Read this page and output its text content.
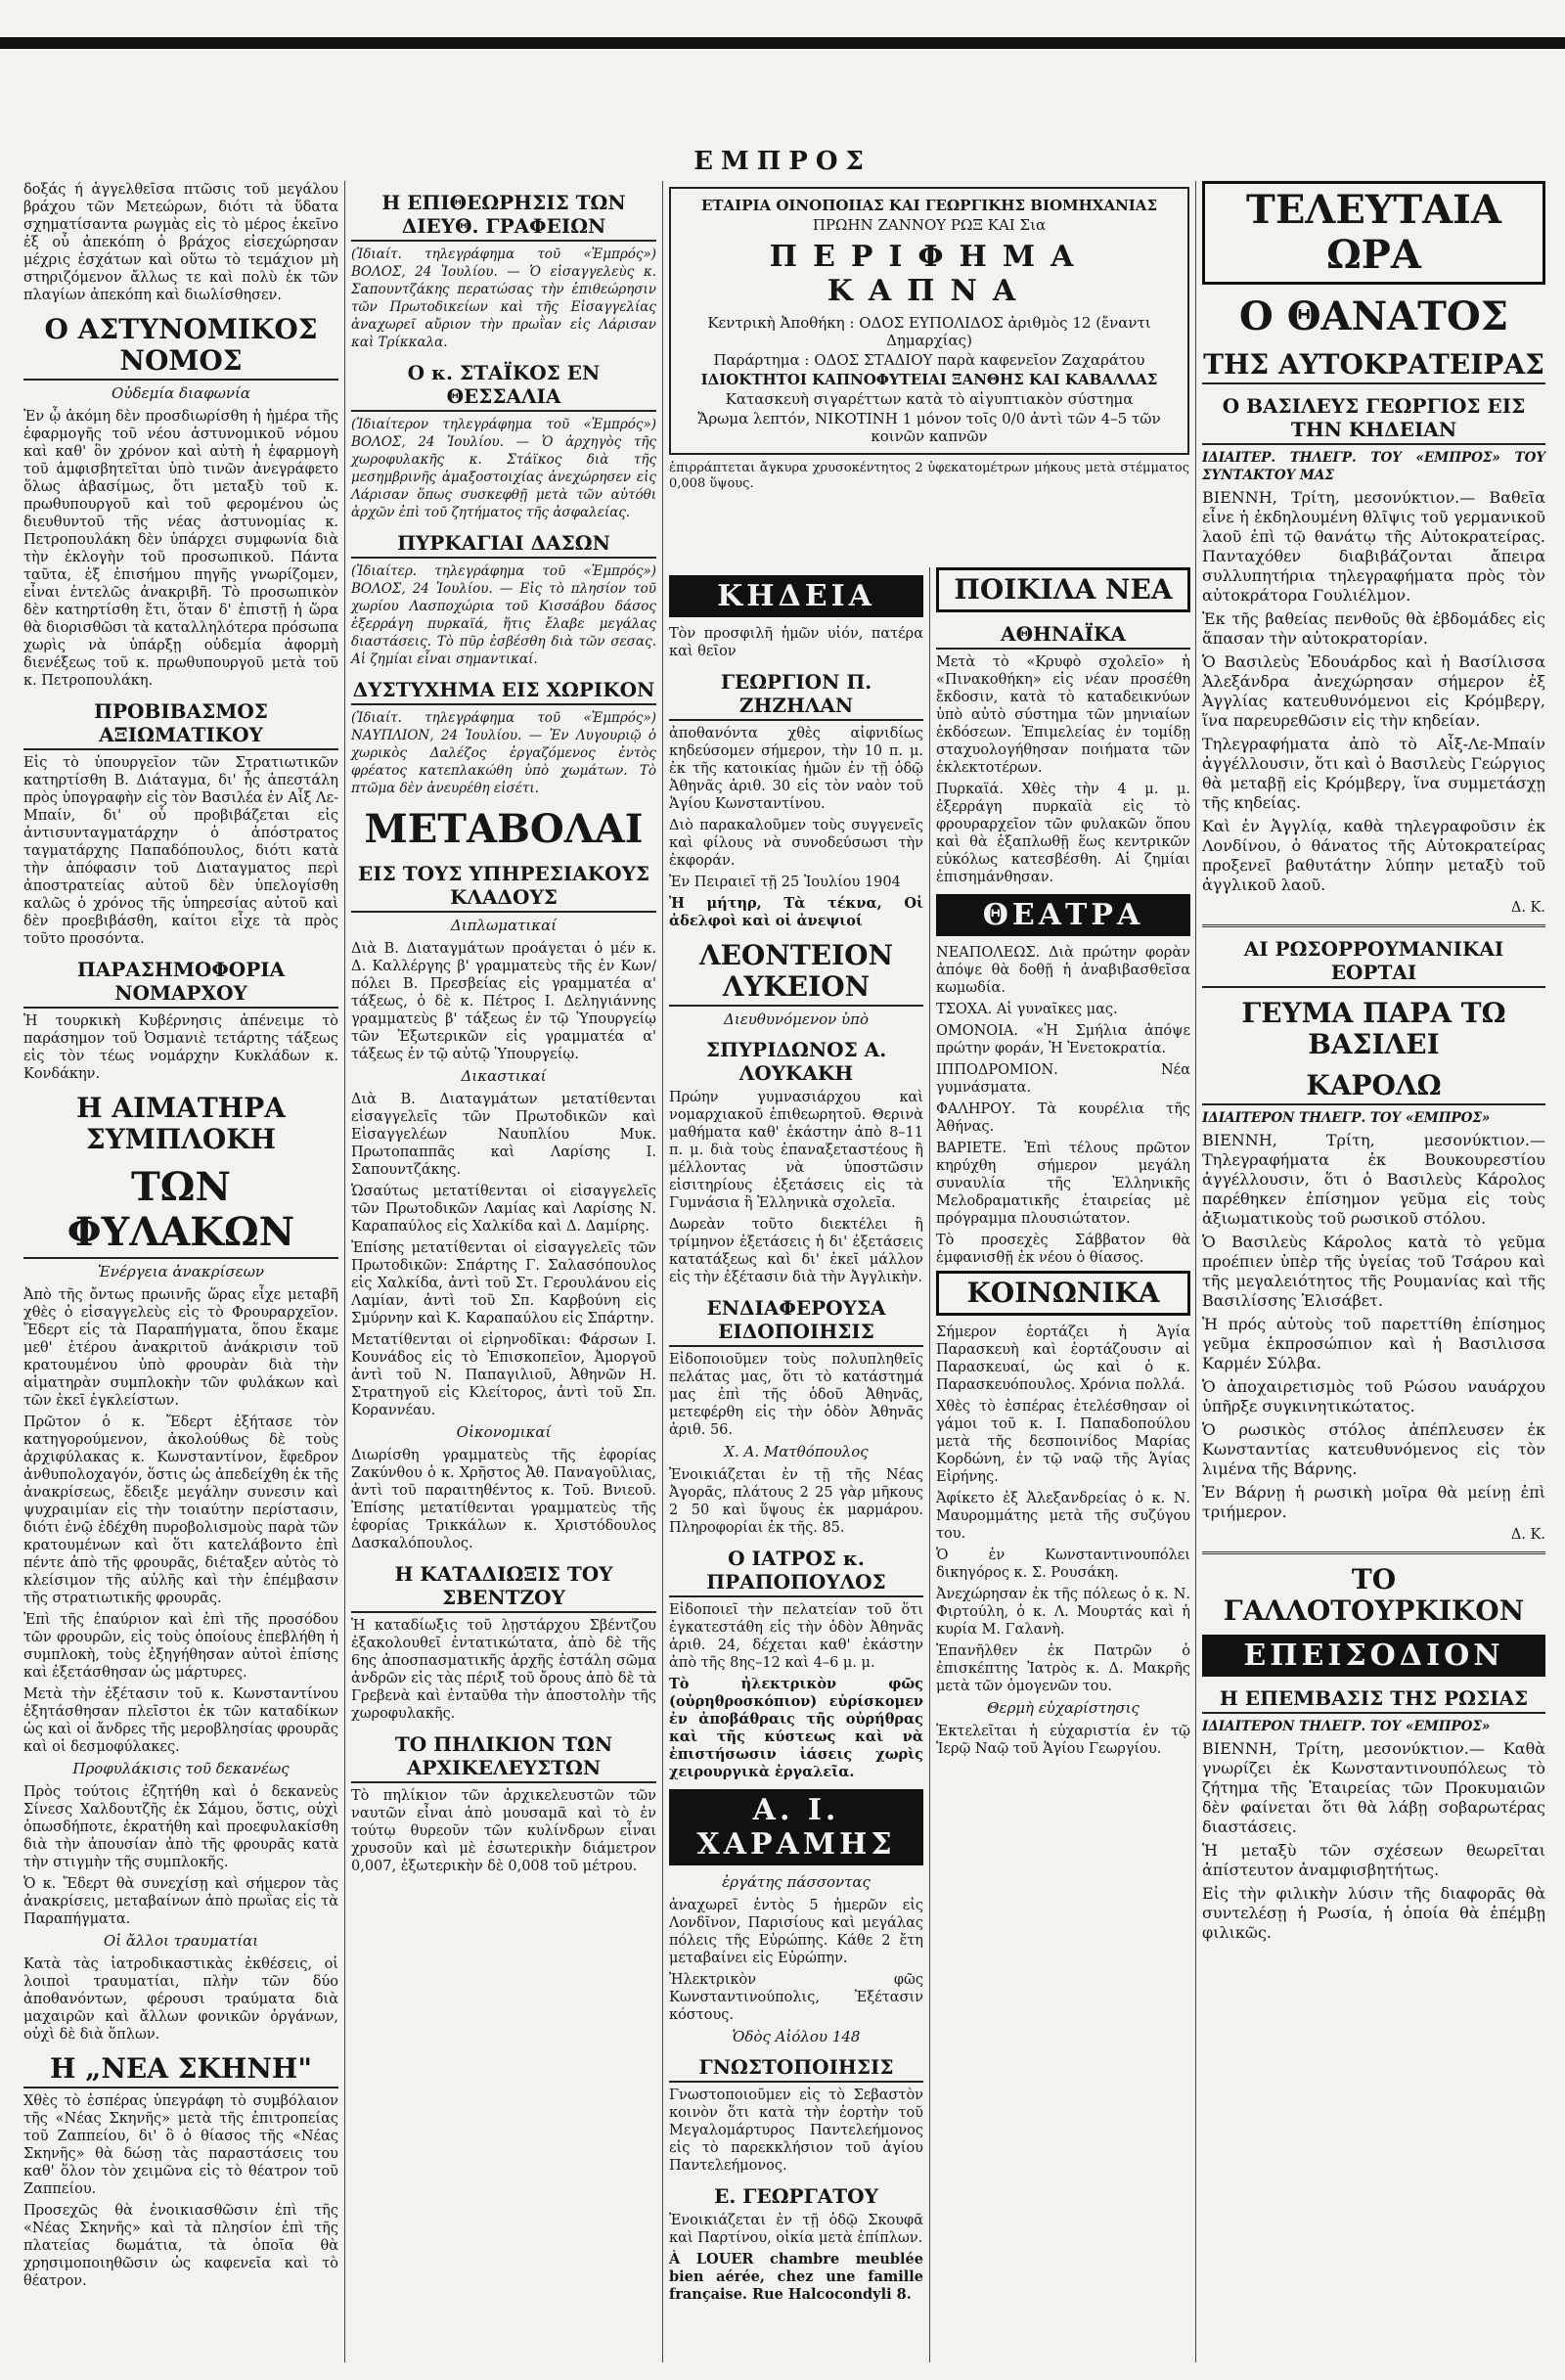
ΕΜΠΡΟΣ

δοξάς ή ἀγγελθεῖσα πτῶσις τοῦ μεγάλου βράχου τῶν Μετεώρων, διότι τὰ ὕδατα σχηματίσαντα ρωγμὰς εἰς τὸ μέρος ἐκεῖνο ἐξ οὗ ἀπεκόπη ὁ βράχος εἰσεχώρησαν μέχρις ἐσχάτων καὶ οὕτω τὸ τεμάχιον μὴ στηριζόμενον ἄλλως τε καὶ πολὺ ἐκ τῶν πλαγίων ἀπεκόπη καὶ διωλίσθησεν.

Ο ΑΣΤΥΝΟΜΙΚΟΣ ΝΟΜΟΣ
Οὐδεμία διαφωνία

Ἐν ᾧ ἀκόμη δὲν προσδιωρίσθη ἡ ἡμέρα τῆς ἐφαρμογῆς τοῦ νέου ἀστυνομικοῦ νόμου καὶ καθ' ὃν χρόνον καὶ αὐτὴ ἡ ἐφαρμογὴ τοῦ ἀμφισβητεῖται ὑπὸ τινῶν ἀνεγράφετο ὅλως ἀβασίμως, ὅτι μεταξὺ τοῦ κ. πρωθυπουργοῦ καὶ τοῦ φερομένου ὡς διευθυντοῦ τῆς νέας ἀστυνομίας κ. Πετροπουλάκη δὲν ὑπάρχει συμφωνία διὰ τὴν ἐκλογὴν τοῦ προσωπικοῦ. Πάντα ταῦτα, ἐξ ἐπισήμου πηγῆς γνωρίζομεν, εἶναι ἐντελῶς ἀνακριβῆ. Τὸ προσωπικὸν δὲν κατηρτίσθη ἔτι, ὅταν δ' ἐπιστῇ ἡ ὥρα θὰ διορισθῶσι τὰ καταλληλότερα πρόσωπα χωρὶς νὰ ὑπάρξῃ οὐδεμία ἀφορμὴ διενέξεως τοῦ κ. πρωθυπουργοῦ μετὰ τοῦ κ. Πετροπουλάκη.

ΠΡΟΒΙΒΑΣΜΟΣ ΑΞΙΩΜΑΤΙΚΟΥ

Εἰς τὸ ὑπουργεῖον τῶν Στρατιωτικῶν κατηρτίσθη Β. Διάταγμα, δι' ἧς ἀπεστάλη πρὸς ὑπογραφὴν εἰς τὸν Βασιλέα ἐν Αἶξ Λε-Μπαίν, δι' οὗ προβιβάζεται εἰς ἀντισυνταγματάρχην ὁ ἀπόστρατος ταγματάρχης Παπαδόπουλος, διότι κατὰ τὴν ἀπόφασιν τοῦ Διαταγματος περὶ ἀποστρατείας αὐτοῦ δὲν ὑπελογίσθη καλῶς ὁ χρόνος τῆς ὑπηρεσίας αὐτοῦ καὶ δὲν προεβιβάσθη, καίτοι εἶχε τὰ πρὸς τοῦτο προσόντα.

ΠΑΡΑΣΗΜΟΦΟΡΙΑ ΝΟΜΑΡΧΟΥ

Ἡ τουρκικὴ Κυβέρνησις ἀπένειμε τὸ παράσημον τοῦ Ὀσμανιὲ τετάρτης τάξεως εἰς τὸν τέως νομάρχην Κυκλάδων κ. Κονδάκην.

Η ΑΙΜΑΤΗΡΑ ΣΥΜΠΛΟΚΗ
ΤΩΝ ΦΥΛΑΚΩΝ
Ἐνέργεια ἀνακρίσεων

Ἀπὸ τῆς ὄντως πρωινῆς ὥρας εἶχε μεταβῆ χθὲς ὁ εἰσαγγελεὺς εἰς τὸ Φρουραρχεῖον. Ἔδερτ εἰς τὰ Παραπήγματα, ὅπου ἔκαμε μεθ' ἑτέρου ἀνακριτοῦ ἀνάκρισιν τοῦ κρατουμένου ὑπὸ φρουρὰν διὰ τὴν αἱματηρὰν συμπλοκὴν τῶν φυλάκων καὶ τῶν ἐκεῖ ἐγκλείστων.

Πρῶτον ὁ κ. Ἔδερτ ἐξήτασε τὸν κατηγορούμενον, ἀκολούθως δὲ τοὺς ἀρχιφύλακας κ. Κωνσταντίνον, ἔφεδρον ἀνθυπολοχαγόν, ὅστις ὡς ἀπεδείχθη ἐκ τῆς ἀνακρίσεως, ἔδειξε μεγάλην συνεσιν καὶ ψυχραιμίαν εἰς τὴν τοιαύτην περίστασιν, διότι ἐνῷ ἐδέχθη πυροβολισμοὺς παρὰ τῶν κρατουμένων καὶ ὅτι κατελάβοντο ἐπὶ πέντε ἀπὸ τῆς φρουρᾶς, διέταξεν αὐτὸς τὸ κλείσιμον τῆς αὐλῆς καὶ τὴν ἐπέμβασιν τῆς στρατιωτικῆς φρουρᾶς.

Ἐπὶ τῆς ἐπαύριον καὶ ἐπὶ τῆς προσόδου τῶν φρουρῶν, εἰς τοὺς ὁποίους ἐπεβλήθη ἡ συμπλοκὴ, τοὺς ἐξηγήθησαν αὐτοὶ ἐπίσης καὶ ἐξετάσθησαν ὡς μάρτυρες.

Μετὰ τὴν ἐξέτασιν τοῦ κ. Κωνσταντίνου ἐξητάσθησαν πλεῖστοι ἐκ τῶν καταδίκων ὡς καὶ οἱ ἄνδρες τῆς μεροβλησίας φρουρᾶς καὶ οἱ δεσμοφύλακες.

Προφυλάκισις τοῦ δεκανέως

Πρὸς τούτοις ἐζητήθη καὶ ὁ δεκανεὺς Σίνεσς Χαλδουτζῆς ἐκ Σάμου, ὅστις, οὐχὶ ὁπωσδήποτε, ἐκρατήθη καὶ προεφυλακίσθη διὰ τὴν ἀπουσίαν ἀπὸ τῆς φρουρᾶς κατὰ τὴν στιγμὴν τῆς συμπλοκῆς.

Ὁ κ. Ἔδερτ θὰ συνεχίσῃ καὶ σήμερον τὰς ἀνακρίσεις, μεταβαίνων ἀπὸ πρωῒας εἰς τὰ Παραπήγματα.

Οἱ ἄλλοι τραυματίαι

Κατὰ τὰς ἰατροδικαστικὰς ἐκθέσεις, οἱ λοιποὶ τραυματίαι, πλὴν τῶν δύο ἀποθανόντων, φέρουσι τραύματα διὰ μαχαιρῶν καὶ ἄλλων φονικῶν ὀργάνων, οὐχὶ δὲ διὰ ὅπλων.

Η „ΝΕΑ ΣΚΗΝΗ"

Χθὲς τὸ ἑσπέρας ὑπεγράφη τὸ συμβόλαιον τῆς «Νέας Σκηνῆς» μετὰ τῆς ἐπιτροπείας τοῦ Ζαππείου, δι' ὃ ὁ θίασος τῆς «Νέας Σκηνῆς» θὰ δώσῃ τὰς παραστάσεις του καθ' ὅλον τὸν χειμῶνα εἰς τὸ θέατρον τοῦ Ζαππείου.

Προσεχῶς θὰ ἐνοικιασθῶσιν ἐπὶ τῆς «Νέας Σκηνῆς» καὶ τὰ πλησίον ἐπὶ τῆς πλατείας δωμάτια, τὰ ὁποῖα θὰ χρησιμοποιηθῶσιν ὡς καφενεῖα καὶ τὸ θέατρον.

Η ΕΠΙΘΕΩΡΗΣΙΣ ΤΩΝ ΔΙΕΥΘ. ΓΡΑΦΕΙΩΝ

(Ἰδιαίτ. τηλεγράφημα τοῦ «Ἐμπρός») ΒΟΛΟΣ, 24 Ἰουλίου. — Ὁ εἰσαγγελεὺς κ. Σαπουντζάκης περατώσας τὴν ἐπιθεώρησιν τῶν Πρωτοδικείων καὶ τῆς Εἰσαγγελίας ἀναχωρεῖ αὔριον τὴν πρωῒαν εἰς Λάρισαν καὶ Τρίκκαλα.

Ο κ. ΣΤΑΪΚΟΣ ΕΝ ΘΕΣΣΑΛΙΑ

(Ἰδιαίτερον τηλεγράφημα τοῦ «Ἐμπρός») ΒΟΛΟΣ, 24 Ἰουλίου. — Ὁ ἀρχηγὸς τῆς χωροφυλακῆς κ. Στάϊκος διὰ τῆς μεσημβρινῆς ἁμαξοστοιχίας ἀνεχώρησεν εἰς Λάρισαν ὅπως συσκεφθῇ μετὰ τῶν αὐτόθι ἀρχῶν ἐπὶ τοῦ ζητήματος τῆς ἀσφαλείας.

ΠΥΡΚΑΓΙΑΙ ΔΑΣΩΝ

(Ἰδιαίτερ. τηλεγράφημα τοῦ «Ἐμπρός») ΒΟΛΟΣ, 24 Ἰουλίου. — Εἰς τὸ πλησίον τοῦ χωρίου Λασποχώρια τοῦ Κισσάβου δάσος ἐξερράγη πυρκαϊά, ἥτις ἔλαβε μεγάλας διαστάσεις. Τὸ πῦρ ἐσβέσθη διὰ τῶν σεσας. Αἱ ζημίαι εἶναι σημαντικαί.

ΔΥΣΤΥΧΗΜΑ ΕΙΣ ΧΩΡΙΚΟΝ

(Ἰδιαίτ. τηλεγράφημα τοῦ «Ἐμπρός») ΝΑΥΠΛΙΟΝ, 24 Ἰουλίου. — Ἐν Λυγουριῷ ὁ χωρικὸς Δαλέζος ἐργαζόμενος ἐντὸς φρέατος κατεπλακώθη ὑπὸ χωμάτων. Τὸ πτῶμα δὲν ἀνευρέθη εἰσέτι.

ΜΕΤΑΒΟΛΑΙ
ΕΙΣ ΤΟΥΣ ΥΠΗΡΕΣΙΑΚΟΥΣ ΚΛΑΔΟΥΣ
Διπλωματικαί

Διὰ Β. Διαταγμάτων προάγεται ὁ μέν κ. Δ. Καλλέργης β' γραμματεὺς τῆς ἐν Κων/πόλει Β. Πρεσβείας εἰς γραμματέα α' τάξεως, ὁ δὲ κ. Πέτρος Ι. Δεληγιάννης γραμματεὺς β' τάξεως ἐν τῷ Ὑπουργείῳ τῶν Ἐξωτερικῶν εἰς γραμματέα α' τάξεως ἐν τῷ αὐτῷ Ὑπουργείῳ.

Δικαστικαί

Διὰ Β. Διαταγμάτων μετατίθενται εἰσαγγελεῖς τῶν Πρωτοδικῶν καὶ Εἰσαγγελέων Ναυπλίου Μυκ. Πρωτοπαππᾶς καὶ Λαρίσης Ι. Σαπουντζάκης.

Ὡσαύτως μετατίθενται οἱ εἰσαγγελεῖς τῶν Πρωτοδικῶν Λαμίας καὶ Λαρίσης Ν. Καραπαύλος εἰς Χαλκίδα καὶ Δ. Δαμίρης.

Ἐπίσης μετατίθενται οἱ εἰσαγγελεῖς τῶν Πρωτοδικῶν: Σπάρτης Γ. Σαλασόπουλος εἰς Χαλκίδα, ἀντὶ τοῦ Στ. Γερουλάνου εἰς Λαμίαν, ἀντὶ τοῦ Σπ. Καρβούνη εἰς Σμύρνην καὶ Κ. Καραπαύλου εἰς Σπάρτην.

Μετατίθενται οἱ εἰρηνοδῖκαι: Φάρσων Ι. Κουνάδος εἰς τὸ Ἐπισκοπεῖον, Ἀμοργοῦ ἀντὶ τοῦ Ν. Παπαγιλιοῦ, Ἀθηνῶν Η. Στρατηγοῦ εἰς Κλείτορος, ἀντὶ τοῦ Σπ. Κοραννέαυ.

Οἰκονομικαί

Διωρίσθη γραμματεὺς τῆς ἐφορίας Ζακύνθου ὁ κ. Χρῆστος Ἀθ. Παναγοῦλιας, ἀντὶ τοῦ παραιτηθέντος κ. Τοῦ. Βνιεοῦ. Ἐπίσης μετατίθενται γραμματεὺς τῆς ἐφορίας Τρικκάλων κ. Χριστόδουλος Δασκαλόπουλος.

Η ΚΑΤΑΔΙΩΞΙΣ ΤΟΥ ΣΒΕΝΤΖΟΥ

Ἡ καταδίωξις τοῦ λῃστάρχου Σβέντζου ἐξακολουθεῖ ἐντατικώτατα, ἀπὸ δὲ τῆς 6ης ἀποσπασματικῆς ἀρχῆς ἐστάλη σῶμα ἀνδρῶν εἰς τὰς πέριξ τοῦ ὄρους ἀπὸ δὲ τὰ Γρεβενὰ καὶ ἐνταῦθα τὴν ἀποστολὴν τῆς χωροφυλακῆς.

ΤΟ ΠΗΛΙΚΙΟΝ ΤΩΝ ΑΡΧΙΚΕΛΕΥΣΤΩΝ

Τὸ πηλίκιον τῶν ἀρχικελευστῶν τῶν ναυτῶν εἶναι ἀπὸ μουσαμᾶ καὶ τὸ ἐν τούτῳ θυρεοῦν τῶν κυλίνδρων εἶναι χρυσοῦν καὶ μὲ ἐσωτερικὴν διάμετρον 0,007, ἐξωτερικὴν δὲ 0,008 τοῦ μέτρου.

ΕΤΑΙΡΙΑ ΟΙΝΟΠΟΙΙΑΣ ΚΑΙ ΓΕΩΡΓΙΚΗΣ ΒΙΟΜΗΧΑΝΙΑΣ
ΠΡΩΗΝ ΖΑΝΝΟΥ ΡΩΞ ΚΑΙ Σια
ΠΕΡΙΦΗΜΑ ΚΑΠΝΑ
Κεντρικὴ Ἀποθήκη : ΟΔΟΣ ΕΥΠΟΛΙΔΟΣ ἀριθμὸς 12 (ἔναντι Δημαρχίας)
Παράρτημα : ΟΔΟΣ ΣΤΑΔΙΟΥ παρὰ καφενεῖον Ζαχαράτου
ΙΔΙΟΚΤΗΤΟΙ ΚΑΠΝΟΦΥΤΕΙΑΙ ΞΑΝΘΗΣ ΚΑΙ ΚΑΒΑΛΛΑΣ
Κατασκευὴ σιγαρέττων κατὰ τὸ αἰγυπτιακὸν σύστημα
Ἄρωμα λεπτόν, ΝΙΚΟΤΙΝΗ 1 μόνον τοῖς 0/0 ἀντὶ τῶν 4–5 τῶν κοινῶν καπνῶν

ἐπιρράπτεται ἄγκυρα χρυσοκέντητος 2 ὑφεκατομέτρων μήκους μετὰ στέμματος 0,008 ὕψους.

ΚΗΔΕΙΑ

Τὸν προσφιλῆ ἡμῶν υἱόν, πατέρα καὶ θεῖον

ΓΕΩΡΓΙΟΝ Π. ΖΗΖΗΛΑΝ

ἀποθανόντα χθὲς αἰφνιδίως κηδεύσομεν σήμερον, τὴν 10 π. μ. ἐκ τῆς κατοικίας ἡμῶν ἐν τῇ ὁδῷ Ἀθηνᾶς ἀριθ. 30 εἰς τὸν ναὸν τοῦ Ἁγίου Κωνσταντίνου.

Διὸ παρακαλοῦμεν τοὺς συγγενεῖς καὶ φίλους νὰ συνοδεύσωσι τὴν ἐκφοράν.

Ἐν Πειραιεῖ τῇ 25 Ἰουλίου 1904

Ἡ μήτηρ, Τὰ τέκνα, Οἱ ἀδελφοὶ καὶ οἱ ἀνεψιοί

ΛΕΟΝΤΕΙΟΝ ΛΥΚΕΙΟΝ
Διευθυνόμενον ὑπὸ
ΣΠΥΡΙΔΩΝΟΣ Α. ΛΟΥΚΑΚΗ

Πρώην γυμνασιάρχου καὶ νομαρχιακοῦ ἐπιθεωρητοῦ. Θερινὰ μαθήματα καθ' ἑκάστην ἀπὸ 8–11 π. μ. διὰ τοὺς ἐπαναξεταστέους ἢ μέλλοντας νὰ ὑποστῶσιν εἰσιτηρίους ἐξετάσεις εἰς τὰ Γυμνάσια ἢ Ἑλληνικὰ σχολεῖα.

Δωρεὰν τοῦτο διεκτέλει ἢ τρίμηνον ἐξετάσεις ἡ δι' ἐξετάσεις κατατάξεως καὶ δι' ἐκεῖ μάλλον εἰς τὴν ἐξέτασιν διὰ τὴν Ἀγγλικὴν.

ΕΝΔΙΑΦΕΡΟΥΣΑ ΕΙΔΟΠΟΙΗΣΙΣ

Εἰδοποιοῦμεν τοὺς πολυπληθεῖς πελάτας μας, ὅτι τὸ κατάστημά μας ἐπὶ τῆς ὁδοῦ Ἀθηνᾶς, μετεφέρθη εἰς τὴν ὁδὸν Ἀθηνᾶς ἀριθ. 56.

Χ. Α. Ματθόπουλος

Ἐνοικιάζεται ἐν τῇ τῆς Νέας Ἀγορᾶς, πλάτους 2 25 γὰρ μῆκους 2 50 καὶ ὕψους ἐκ μαρμάρου. Πληροφορίαι ἐκ τῆς. 85.

Ο ΙΑΤΡΟΣ κ. ΠΡΑΠΟΠΟΥΛΟΣ

Εἰδοποιεῖ τὴν πελατείαν τοῦ ὅτι ἐγκατεστάθη εἰς τὴν ὁδὸν Ἀθηνᾶς ἀριθ. 24, δέχεται καθ' ἑκάστην ἀπὸ τῆς 8ης–12 καὶ 4–6 μ. μ.

Τὸ ἠλεκτρικὸν φῶς (οὐρηθροσκόπιον) εὑρίσκομεν ἐν ἀποβάθραις τῆς οὐρήθρας καὶ τῆς κύστεως καὶ νὰ ἐπιστήσωσιν ἰάσεις χωρὶς χειρουργικὰ ἐργαλεῖα.

Α. Ι. ΧΑΡΑΜΗΣ
ἐργάτης πάσσοντας

ἀναχωρεῖ ἐντὸς 5 ἡμερῶν εἰς Λονδῖνον, Παρισίους καὶ μεγάλας πόλεις τῆς Εὐρώπης. Κάθε 2 ἔτη μεταβαίνει εἰς Εὐρώπην.

Ἠλεκτρικὸν φῶς Κωνσταντινούπολις, Ἐξέτασιν κόστους.

Ὁδὸς Αἰόλου 148
ΓΝΩΣΤΟΠΟΙΗΣΙΣ

Γνωστοποιοῦμεν εἰς τὸ Σεβαστὸν κοινὸν ὅτι κατὰ τὴν ἐορτὴν τοῦ Μεγαλομάρτυρος Παντελεήμονος εἰς τὸ παρεκκλήσιον τοῦ ἁγίου Παντελεήμονος.

Ε. ΓΕΩΡΓΑΤΟΥ

Ἐνοικιάζεται ἐν τῇ ὁδῷ Σκουφᾶ καὶ Παρτίνου, οἰκία μετὰ ἐπίπλων.

À LOUER chambre meublée bien aérée, chez une famille française. Rue Halcocondyli 8.

ΠΟΙΚΙΛΑ ΝΕΑ
ΑΘΗΝΑΪΚΑ

Μετὰ τὸ «Κρυφὸ σχολεῖο» ἡ «Πινακοθήκη» εἰς νέαν προσέθη ἔκδοσιν, κατὰ τὸ καταδεικνύων ὑπὸ αὐτὸ σύστημα τῶν μηνιαίων ἐκδόσεων. Ἐπιμελείας ἐν τομίδῃ σταχυολογήθησαν ποιήματα τῶν ἐκλεκτοτέρων.

Πυρκαϊά. Χθὲς τὴν 4 μ. μ. ἐξερράγη πυρκαϊὰ εἰς τὸ φρουραρχεῖον τῶν φυλακῶν ὅπου καὶ θὰ ἐξαπλωθῇ ἕως κεντρικῶν εὐκόλως κατεσβέσθη. Αἱ ζημίαι ἐπισημάνθησαν.

ΘΕΑΤΡΑ

ΝΕΑΠΟΛΕΩΣ. Διὰ πρώτην φορὰν ἀπόψε θὰ δοθῇ ἡ ἀναβιβασθεῖσα κωμωδία.

ΤΣΟΧΑ. Αἱ γυναῖκες μας.

ΟΜΟΝΟΙΑ. «Ἡ Σμήλια ἀπόψε πρώτην φοράν, Ἡ Ἑνετοκρατία.

ΙΠΠΟΔΡΟΜΙΟΝ. Νέα γυμνάσματα.

ΦΑΛΗΡΟΥ. Τὰ κουρέλια τῆς Ἀθήνας.

ΒΑΡΙΕΤΕ. Ἐπὶ τέλους πρῶτον κηρύχθη σήμερον μεγάλη συναυλία τῆς Ἑλληνικῆς Μελοδραματικῆς ἑταιρείας μὲ πρόγραμμα πλουσιώτατον.

Τὸ προσεχὲς Σάββατον θὰ ἐμφανισθῇ ἐκ νέου ὁ θίασος.

ΚΟΙΝΩΝΙΚΑ

Σήμερον ἑορτάζει ἡ Ἁγία Παρασκευὴ καὶ ἑορτάζουσιν αἱ Παρασκευαί, ὡς καὶ ὁ κ. Παρασκευόπουλος. Χρόνια πολλά.

Χθὲς τὸ ἑσπέρας ἐτελέσθησαν οἱ γάμοι τοῦ κ. Ι. Παπαδοπούλου μετὰ τῆς δεσποινίδος Μαρίας Κορδώνη, ἐν τῷ ναῷ τῆς Ἁγίας Εἰρήνης.

Ἀφίκετο ἐξ Ἀλεξανδρείας ὁ κ. Ν. Μαυρομμάτης μετὰ τῆς συζύγου του.

Ὁ ἐν Κωνσταντινουπόλει δικηγόρος κ. Σ. Ρουσάκη.

Ἀνεχώρησαν ἐκ τῆς πόλεως ὁ κ. Ν. Φιρτούλη, ὁ κ. Λ. Μουρτάς καὶ ἡ κυρία Μ. Γαλανὴ.

Ἐπανῆλθεν ἐκ Πατρῶν ὁ ἐπισκέπτης Ἰατρὸς κ. Δ. Μακρῆς μετὰ τῶν ὁμογενῶν του.

Θερμὴ εὐχαρίστησις

Ἐκτελεῖται ἡ εὐχαριστία ἐν τῷ Ἱερῷ Ναῷ τοῦ Ἁγίου Γεωργίου.

ΤΕΛΕΥΤΑΙΑ ΩΡΑ
Ο ΘΑΝΑΤΟΣ
ΤΗΣ ΑΥΤΟΚΡΑΤΕΙΡΑΣ
Ο ΒΑΣΙΛΕΥΣ ΓΕΩΡΓΙΟΣ ΕΙΣ ΤΗΝ ΚΗΔΕΙΑΝ

ΙΔΙΑΙΤΕΡ. ΤΗΛΕΓΡ. ΤΟΥ «ΕΜΠΡΟΣ» ΤΟΥ ΣΥΝΤΑΚΤΟΥ ΜΑΣ

ΒΙΕΝΝΗ, Τρίτη, μεσονύκτιον.— Βαθεῖα εἶνε ἡ ἐκδηλουμένη θλῖψις τοῦ γερμανικοῦ λαοῦ ἐπὶ τῷ θανάτῳ τῆς Αὐτοκρατείρας. Πανταχόθεν διαβιβάζονται ἄπειρα συλλυπητήρια τηλεγραφήματα πρὸς τὸν αὐτοκράτορα Γουλιέλμον.

Ἐκ τῆς βαθείας πενθοῦς θὰ ἑβδομάδες εἰς ἅπασαν τὴν αὐτοκρατορίαν.

Ὁ Βασιλεὺς Ἐδουάρδος καὶ ἡ Βασίλισσα Ἀλεξάνδρα ἀνεχώρησαν σήμερον ἐξ Ἀγγλίας κατευθυνόμενοι εἰς Κρόμβεργ, ἵνα παρευρεθῶσιν εἰς τὴν κηδείαν.

Τηλεγραφήματα ἀπὸ τὸ Αἶξ-Λε-Μπαίν ἀγγέλλουσιν, ὅτι καὶ ὁ Βασιλεὺς Γεώργιος θὰ μεταβῇ εἰς Κρόμβεργ, ἵνα συμμετάσχῃ τῆς κηδείας.

Καὶ ἐν Ἀγγλίᾳ, καθὰ τηλεγραφοῦσιν ἐκ Λονδίνου, ὁ θάνατος τῆς Αὐτοκρατείρας προξενεῖ βαθυτάτην λύπην μεταξὺ τοῦ ἀγγλικοῦ λαοῦ.

Δ. Κ.

ΑΙ ΡΩΣΟΡΡΟΥΜΑΝΙΚΑΙ ΕΟΡΤΑΙ
ΓΕΥΜΑ ΠΑΡΑ ΤΩ ΒΑΣΙΛΕΙ
ΚΑΡΟΛΩ

ΙΔΙΑΙΤΕΡΟΝ ΤΗΛΕΓΡ. ΤΟΥ «ΕΜΠΡΟΣ»

ΒΙΕΝΝΗ, Τρίτη, μεσονύκτιον.— Τηλεγραφήματα ἐκ Βουκουρεστίου ἀγγέλλουσιν, ὅτι ὁ Βασιλεὺς Κάρολος παρέθηκεν ἐπίσημον γεῦμα εἰς τοὺς ἀξιωματικοὺς τοῦ ρωσικοῦ στόλου.

Ὁ Βασιλεὺς Κάρολος κατὰ τὸ γεῦμα προέπιεν ὑπὲρ τῆς ὑγείας τοῦ Τσάρου καὶ τῆς μεγαλειότητος τῆς Ρουμανίας καὶ τῆς Βασιλίσσης Ἐλισάβετ.

Ἡ πρός αὐτοὺς τοῦ παρεττίθη ἐπίσημος γεῦμα ἐκπροσώπιον καὶ ἡ Βασιλισσα Καρμέν Σύλβα.

Ὁ ἀποχαιρετισμὸς τοῦ Ρώσου ναυάρχου ὑπῆρξε συγκινητικώτατος.

Ὁ ρωσικὸς στόλος ἀπέπλευσεν ἐκ Κωνσταντίας κατευθυνόμενος εἰς τὸν λιμένα τῆς Βάρνης.

Ἐν Βάρνῃ ἡ ρωσικὴ μοῖρα θὰ μείνῃ ἐπὶ τριήμερον.

Δ. Κ.

ΤΟ ΓΑΛΛΟΤΟΥΡΚΙΚΟΝ
ΕΠΕΙΣΟΔΙΟΝ
Η ΕΠΕΜΒΑΣΙΣ ΤΗΣ ΡΩΣΙΑΣ

ΙΔΙΑΙΤΕΡΟΝ ΤΗΛΕΓΡ. ΤΟΥ «ΕΜΠΡΟΣ»

ΒΙΕΝΝΗ, Τρίτη, μεσονύκτιον.— Καθὰ γνωρίζει ἐκ Κωνσταντινουπόλεως τὸ ζήτημα τῆς Ἐταιρείας τῶν Προκυμαιῶν δὲν φαίνεται ὅτι θὰ λάβῃ σοβαρωτέρας διαστάσεις.

Ἡ μεταξὺ τῶν σχέσεων θεωρεῖται ἀπίστευτον ἀναμφισβητήτως.

Εἰς τὴν φιλικὴν λύσιν τῆς διαφορᾶς θὰ συντελέσῃ ἡ Ρωσία, ἡ ὁποία θὰ ἐπέμβῃ φιλικῶς.
